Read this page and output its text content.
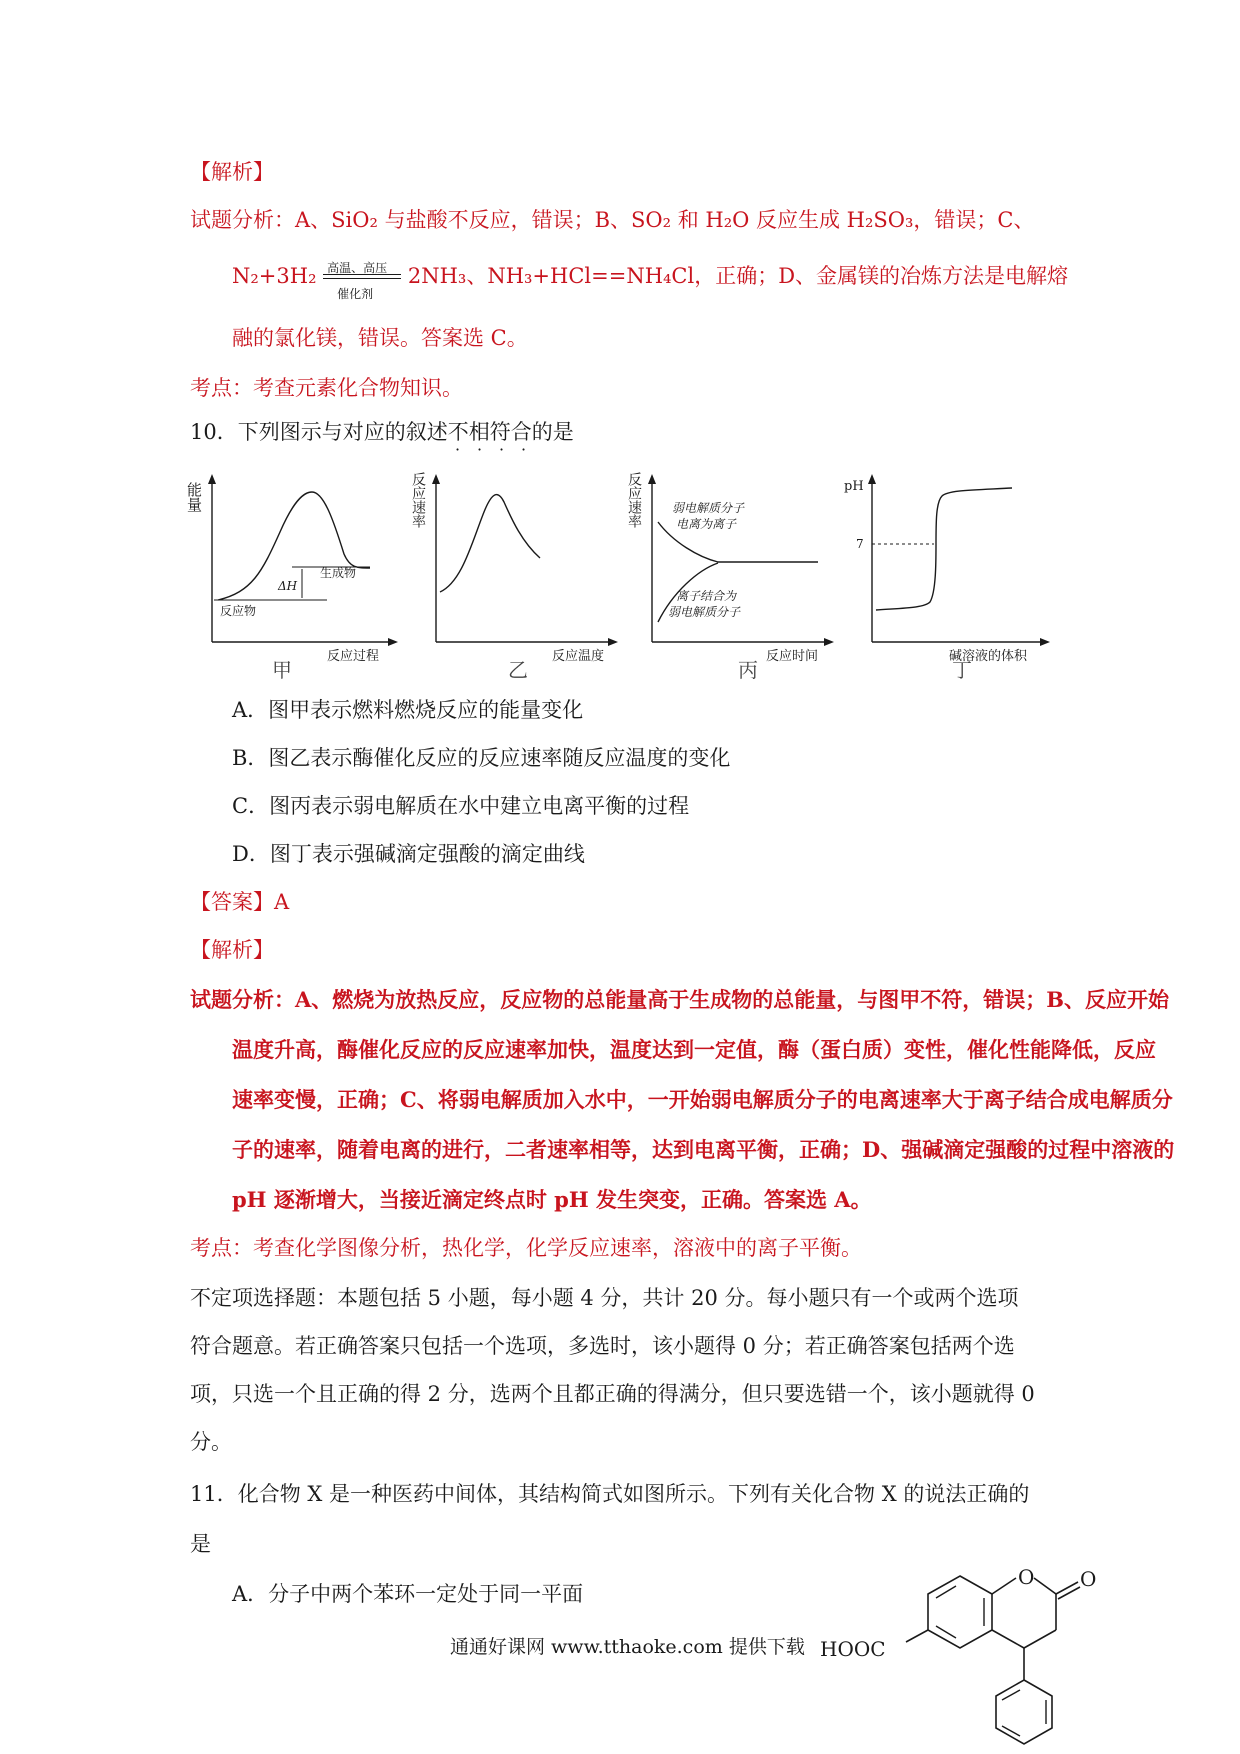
【解析】
试题分析：A、SiO₂ 与盐酸不反应，错误；B、SO₂ 和 H₂O 反应生成 H₂SO₃，错误；C、
N₂+3H₂ 高温、高压
催化剂
2NH₃、NH₃+HCl==NH₄Cl，正确；D、金属镁的冶炼方法是电解熔
融的氯化镁，错误。答案选 C。
考点：考查元素化合物知识。
10．下列图示与对应的叙述不相符合的是
· · · ·
能量
ΔH
生成物
反应物
反应过程
甲
反应速率
反应温度
乙
反应速率	弱电解质分子
电离为离子
离子结合为
弱电解质分子
反应时间
丙
pH
7
碱溶液的体积
丁
A．图甲表示燃料燃烧反应的能量变化
B．图乙表示酶催化反应的反应速率随反应温度的变化
C．图丙表示弱电解质在水中建立电离平衡的过程
D．图丁表示强碱滴定强酸的滴定曲线
【答案】A
【解析】
试题分析：A、燃烧为放热反应，反应物的总能量高于生成物的总能量，与图甲不符，错误；B、反应开始
温度升高，酶催化反应的反应速率加快，温度达到一定值，酶（蛋白质）变性，催化性能降低，反应
速率变慢，正确；C、将弱电解质加入水中，一开始弱电解质分子的电离速率大于离子结合成电解质分
子的速率，随着电离的进行，二者速率相等，达到电离平衡，正确；D、强碱滴定强酸的过程中溶液的
pH 逐渐增大，当接近滴定终点时 pH 发生突变，正确。答案选 A。
考点：考查化学图像分析，热化学，化学反应速率，溶液中的离子平衡。
不定项选择题：本题包括 5 小题，每小题 4 分，共计 20 分。每小题只有一个或两个选项
符合题意。若正确答案只包括一个选项，多选时，该小题得 0 分；若正确答案包括两个选
项，只选一个且正确的得 2 分，选两个且都正确的得满分，但只要选错一个，该小题就得 0
分。
11．化合物 X 是一种医药中间体，其结构简式如图所示。下列有关化合物 X 的说法正确的
是
A．分子中两个苯环一定处于同一平面
O O
HOOC
通通好课网 www.tthaoke.com 提供下载
